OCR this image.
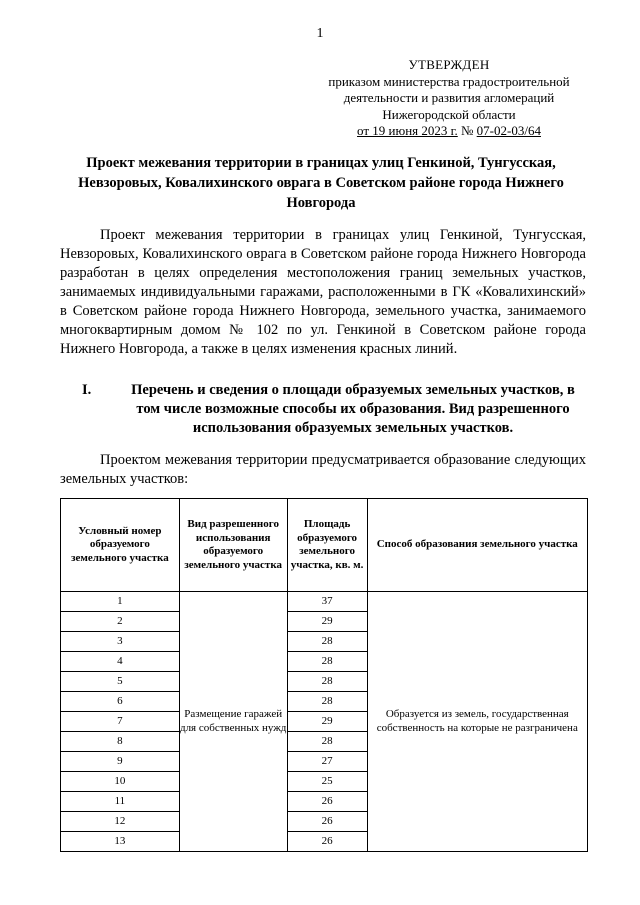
1
УТВЕРЖДЕН
приказом министерства градостроительной
деятельности и развития агломераций
Нижегородской области
от 19 июня 2023 г. № 07-02-03/64
Проект межевания территории в границах улиц Генкиной, Тунгусская, Невзоровых, Ковалихинского оврага в Советском районе города Нижнего Новгорода

Проект межевания территории в границах улиц Генкиной, Тунгусская, Невзоровых, Ковалихинского оврага в Советском районе города Нижнего Новгорода разработан в целях определения местоположения границ земельных участков, занимаемых индивидуальными гаражами, расположенными в ГК «Ковалихинский» в Советском районе города Нижнего Новгорода, земельного участка, занимаемого многоквартирным домом № 102 по ул. Генкиной в Советском районе города Нижнего Новгорода, а также в целях изменения красных линий.

I.	Перечень и сведения о площади образуемых земельных участков, в том числе возможные способы их образования. Вид разрешенного использования образуемых земельных участков.

Проектом межевания территории предусматривается образование следующих земельных участков:

Условный номер образуемого земельного участка	Вид разрешенного использования образуемого земельного участка	Площадь образуемого земельного участка, кв. м.	Способ образования земельного участка
1	Размещение гаражей для собственных нужд	37	Образуется из земель, государственная собственность на которые не разграничена
2		29	
3		28	
4		28	
5		28	
6		28	
7		29	
8		28	
9		27	
10		25	
11		26	
12		26	
13		26	
